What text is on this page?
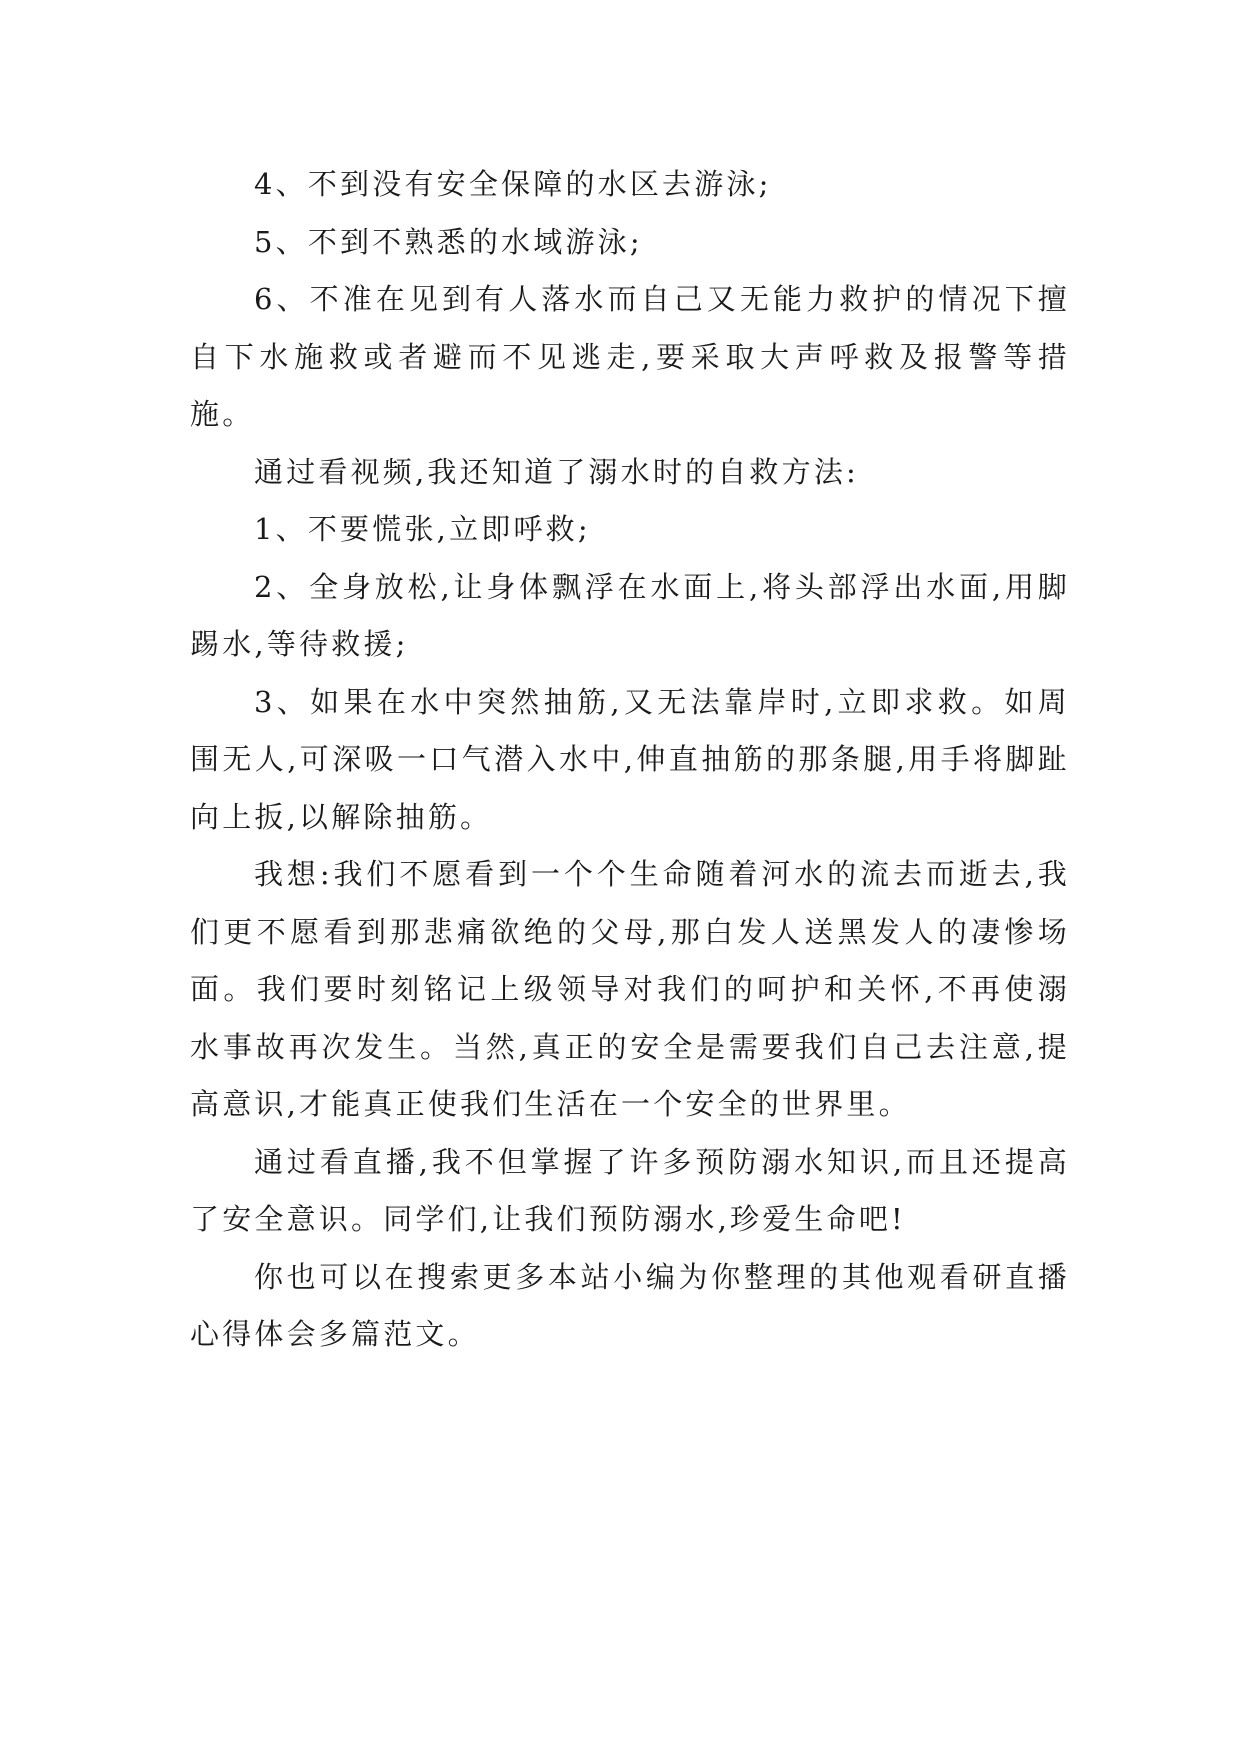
4、不到没有安全保障的水区去游泳;

5、不到不熟悉的水域游泳;

6、不准在见到有人落水而自己又无能力救护的情况下擅自下水施救或者避而不见逃走,要采取大声呼救及报警等措施。

通过看视频,我还知道了溺水时的自救方法:

1、不要慌张,立即呼救;

2、全身放松,让身体飘浮在水面上,将头部浮出水面,用脚踢水,等待救援;

3、如果在水中突然抽筋,又无法靠岸时,立即求救。如周围无人,可深吸一口气潜入水中,伸直抽筋的那条腿,用手将脚趾向上扳,以解除抽筋。

我想:我们不愿看到一个个生命随着河水的流去而逝去,我们更不愿看到那悲痛欲绝的父母,那白发人送黑发人的凄惨场面。我们要时刻铭记上级领导对我们的呵护和关怀,不再使溺水事故再次发生。当然,真正的安全是需要我们自己去注意,提高意识,才能真正使我们生活在一个安全的世界里。

通过看直播,我不但掌握了许多预防溺水知识,而且还提高了安全意识。同学们,让我们预防溺水,珍爱生命吧!

你也可以在搜索更多本站小编为你整理的其他观看研直播心得体会多篇范文。
